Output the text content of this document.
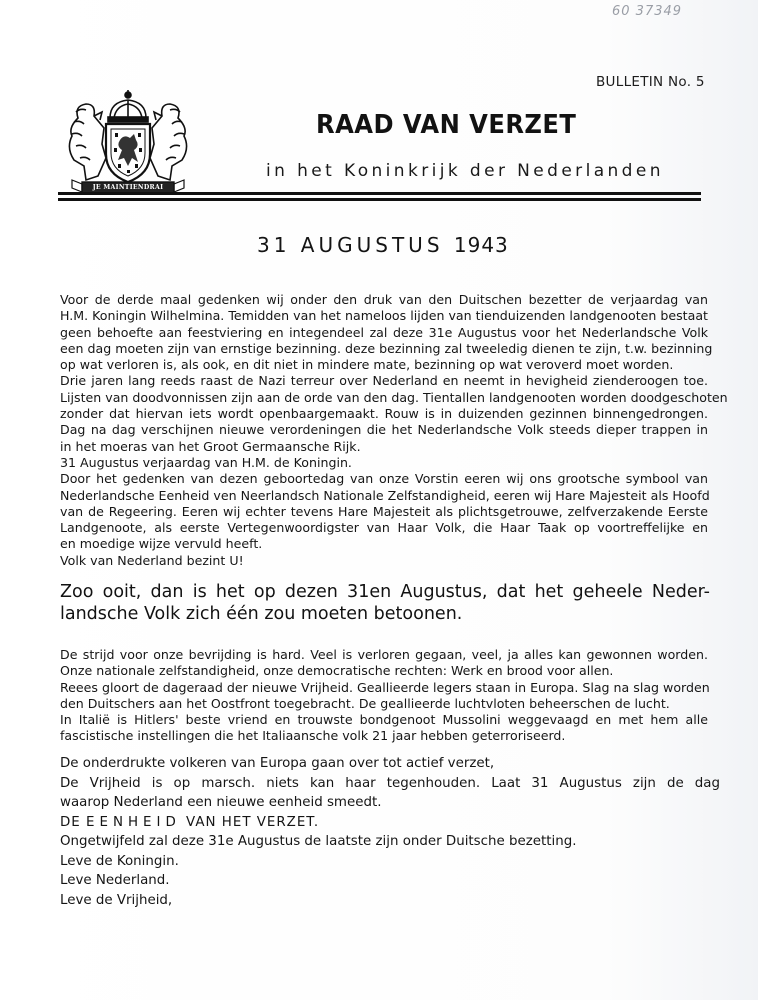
60 37349
BULLETIN No. 5
JE MAINTIENDRAI
RAAD VAN VERZET
in het Koninkrijk der Nederlanden
31 AUGUSTUS 1943
Voor de derde maal gedenken wij onder den druk van den Duitschen bezetter de verjaardag van
H.M. Koningin Wilhelmina. Temidden van het nameloos lijden van tienduizenden landgenooten bestaat
geen behoefte aan feestviering en integendeel zal deze 31e Augustus voor het Nederlandsche Volk
een dag moeten zijn van ernstige bezinning. deze bezinning zal tweeledig dienen te zijn, t.w. bezinning
op wat verloren is, als ook, en dit niet in mindere mate, bezinning op wat veroverd moet worden.
Drie jaren lang reeds raast de Nazi terreur over Nederland en neemt in hevigheid zienderoogen toe.
Lijsten van doodvonnissen zijn aan de orde van den dag. Tientallen landgenooten worden doodgeschoten
zonder dat hiervan iets wordt openbaargemaakt. Rouw is in duizenden gezinnen binnengedrongen.
Dag na dag verschijnen nieuwe verordeningen die het Nederlandsche Volk steeds dieper trappen in
in het moeras van het Groot Germaansche Rijk.
31 Augustus verjaardag van H.M. de Koningin.
Door het gedenken van dezen geboortedag van onze Vorstin eeren wij ons grootsche symbool van
Nederlandsche Eenheid ven Neerlandsch Nationale Zelfstandigheid, eeren wij Hare Majesteit als Hoofd
van de Regeering. Eeren wij echter tevens Hare Majesteit als plichtsgetrouwe, zelfverzakende Eerste
Landgenoote, als eerste Vertegenwoordigster van Haar Volk, die Haar Taak op voortreffelijke en
en moedige wijze vervuld heeft.
Volk van Nederland bezint U!
Zoo ooit, dan is het op dezen 31en Augustus, dat het geheele Neder-
landsche Volk zich één zou moeten betoonen.
De strijd voor onze bevrijding is hard. Veel is verloren gegaan, veel, ja alles kan gewonnen worden.
Onze nationale zelfstandigheid, onze democratische rechten: Werk en brood voor allen.
Reees gloort de dageraad der nieuwe Vrijheid. Geallieerde legers staan in Europa. Slag na slag worden
den Duitschers aan het Oostfront toegebracht. De geallieerde luchtvloten beheerschen de lucht.
In Italië is Hitlers' beste vriend en trouwste bondgenoot Mussolini weggevaagd en met hem alle
fascistische instellingen die het Italiaansche volk 21 jaar hebben geterroriseerd.
De onderdrukte volkeren van Europa gaan over tot actief verzet,
De Vrijheid is op marsch. niets kan haar tegenhouden. Laat 31 Augustus zijn de dag
waarop Nederland een nieuwe eenheid smeedt.
DE EENHEID VAN HET VERZET.
Ongetwijfeld zal deze 31e Augustus de laatste zijn onder Duitsche bezetting.
Leve de Koningin.
Leve Nederland.
Leve de Vrijheid,
